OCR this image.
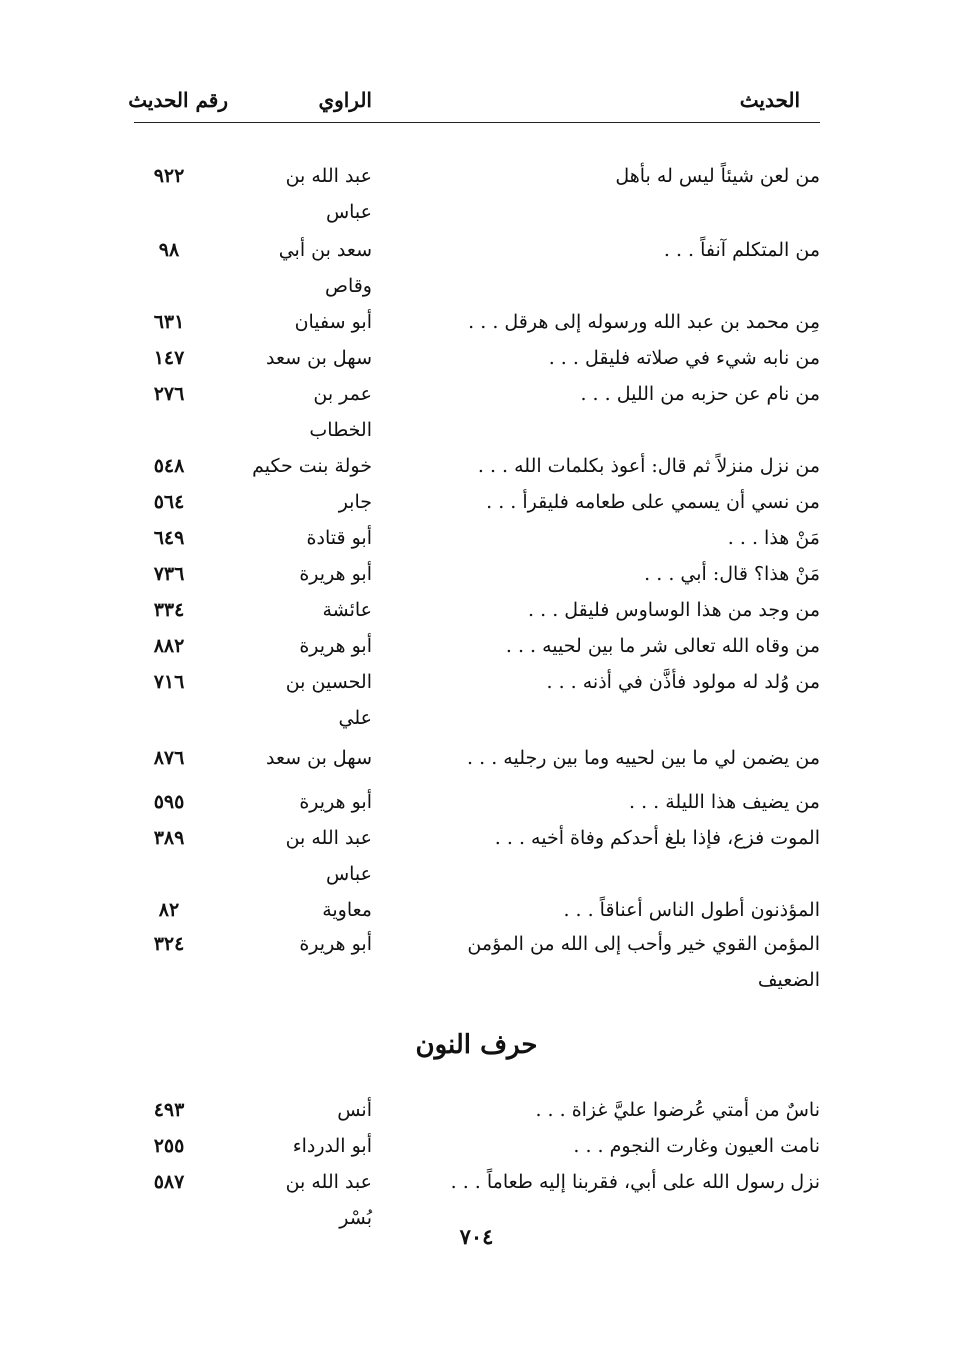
الحديث
الراوي
رقم الحديث
من لعن شيئاً ليس له بأهل
عبد الله بن عباس
٩٢٢
من المتكلم آنفاً . . .
سعد بن أبي وقاص
٩٨
مِن محمد بن عبد الله ورسوله إلى هرقل . . .
أبو سفيان
٦٣١
من نابه شيء في صلاته فليقل . . .
سهل بن سعد
١٤٧
من نام عن حزبه من الليل . . .
عمر بن الخطاب
٢٧٦
من نزل منزلاً ثم قال: أعوذ بكلمات الله . . .
خولة بنت حكيم
٥٤٨
من نسي أن يسمي على طعامه فليقرأ . . .
جابر
٥٦٤
مَنْ هذا . . .
أبو قتادة
٦٤٩
مَنْ هذا؟ قال: أبي . . .
أبو هريرة
٧٣٦
من وجد من هذا الوساوس فليقل . . .
عائشة
٣٣٤
من وقاه الله تعالى شر ما بين لحييه . . .
أبو هريرة
٨٨٢
من وُلد له مولود فأذَّن في أذنه . . .
الحسين بن علي
٧١٦
من يضمن لي ما بين لحييه وما بين رجليه . . .
سهل بن سعد
٨٧٦
من يضيف هذا الليلة . . .
أبو هريرة
٥٩٥
الموت فزع، فإذا بلغ أحدكم وفاة أخيه . . .
عبد الله بن عباس
٣٨٩
المؤذنون أطول الناس أعناقاً . . .
معاوية
٨٢
المؤمن القوي خير وأحب إلى الله من المؤمن الضعيف
أبو هريرة
٣٢٤
حرف النون
ناسٌ من أمتي عُرضوا عليَّ غزاة . . .
أنس
٤٩٣
نامت العيون وغارت النجوم . . .
أبو الدرداء
٢٥٥
نزل رسول الله على أبي، فقربنا إليه طعاماً . . .
عبد الله بن بُسْر
٥٨٧
٧٠٤
